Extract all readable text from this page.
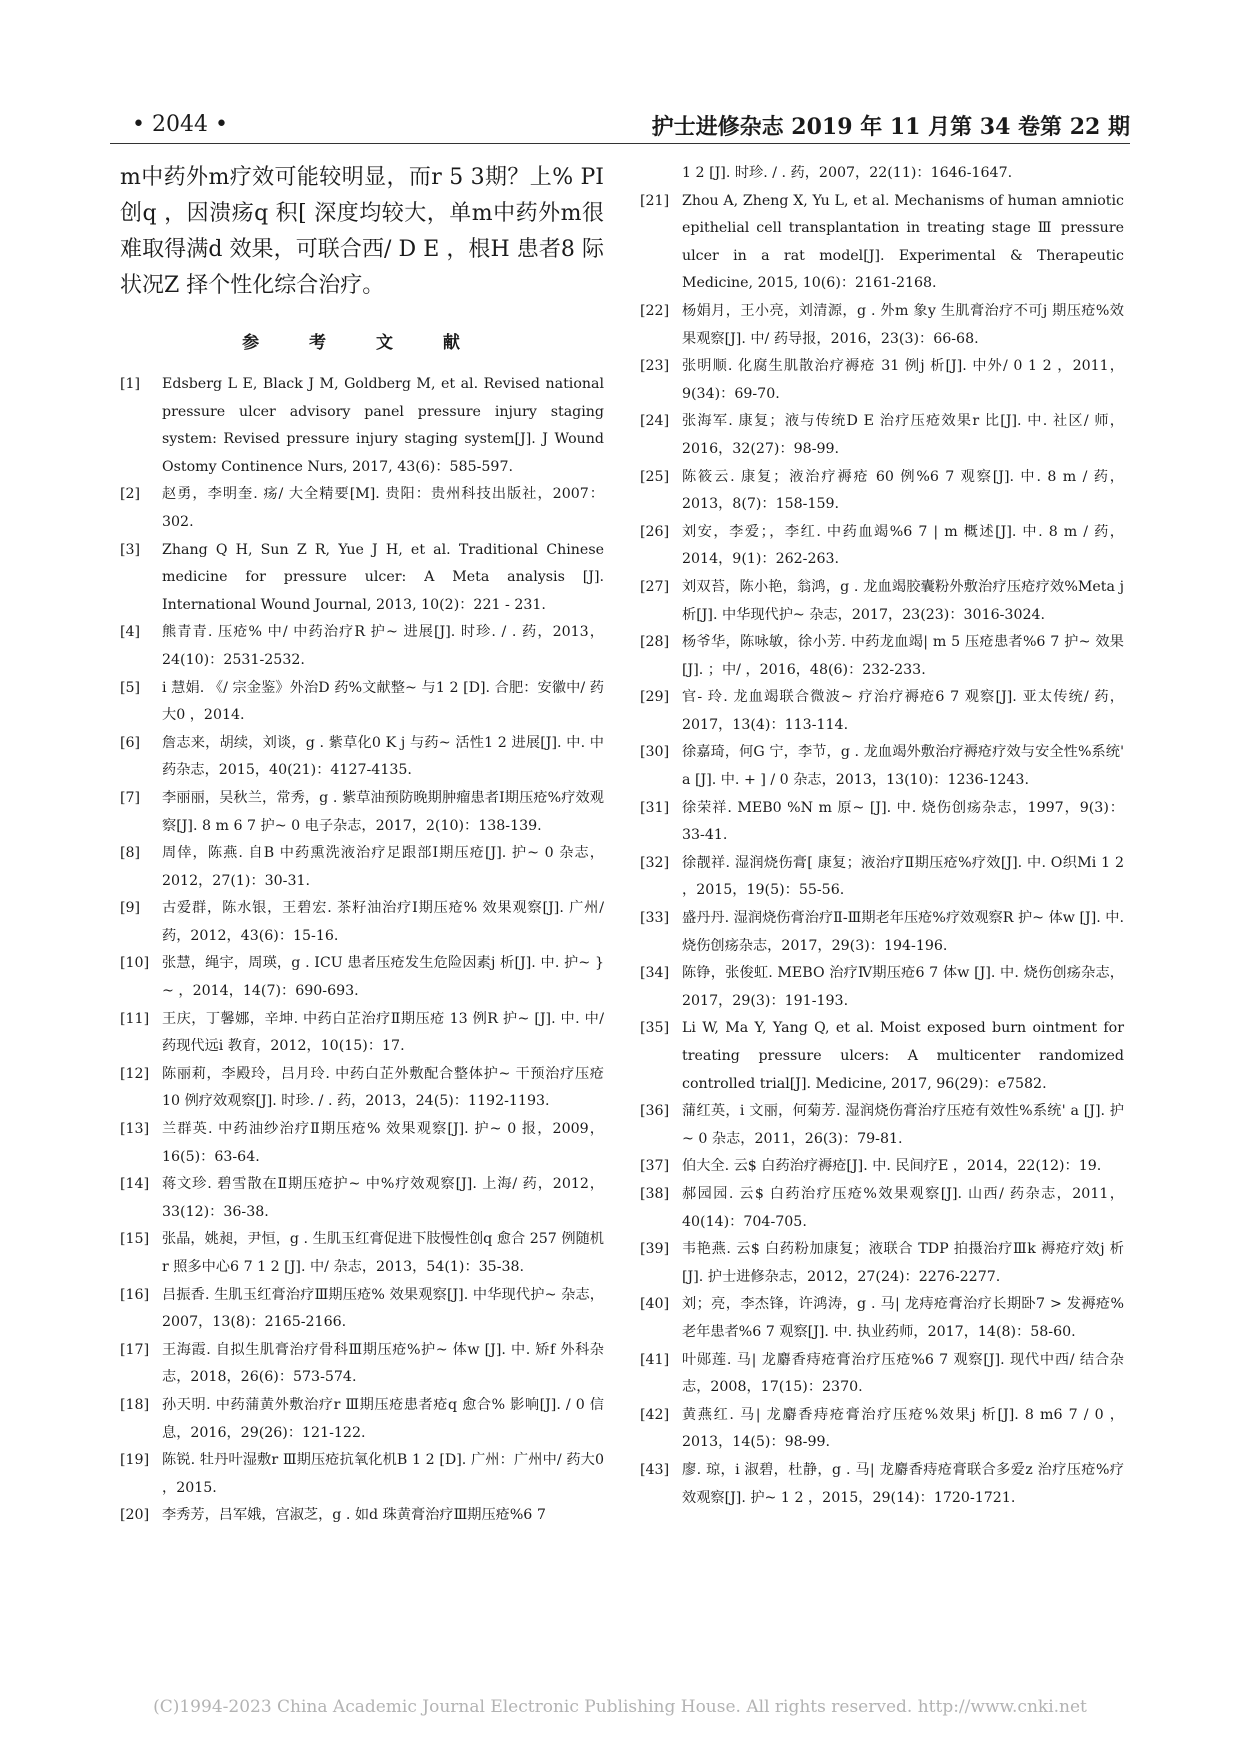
• 2044 •	护士进修杂志 2019 年 11 月第 34 卷第 22 期

m中药外m疗效可能较明显，而r 5 3期？上% PI 创q ，因溃疡q 积[ 深度均较大，单m中药外m很难取得满d 效果，可联合西/ D E ，根H 患者8 际状况Z 择个性化综合治疗。

参 考 文 献
[1]	Edsberg L E, Black J M, Goldberg M, et al. Revised national pressure ulcer advisory panel pressure injury staging system: Revised pressure injury staging system[J]. J Wound Ostomy Continence Nurs, 2017, 43(6)：585-597.
[2]	赵勇，李明奎. 疡/ 大全精要[M]. 贵阳：贵州科技出版社，2007：302.
[3]	Zhang Q H, Sun Z R, Yue J H, et al. Traditional Chinese medicine for pressure ulcer: A Meta analysis [J]. International Wound Journal, 2013, 10(2)：221 - 231.
[4]	熊青青. 压疮% 中/ 中药治疗R 护~ 进展[J]. 时珍. / . 药，2013，24(10)：2531-2532.
[5]	i 慧娟. 《/ 宗金鉴》外治D 药%文献整~ 与1 2 [D]. 合肥：安徽中/ 药大0 ，2014.
[6]	詹志来，胡续，刘谈，g . 紫草化0 K j 与药~ 活性1 2 进展[J]. 中. 中药杂志，2015，40(21)：4127-4135.
[7]	李丽丽，吴秋兰，常秀，g . 紫草油预防晚期肿瘤患者Ⅰ期压疮%疗效观察[J]. 8 m 6 7 护~ 0 电子杂志，2017，2(10)：138-139.
[8]	周倖，陈燕. 自B 中药熏洗液治疗足跟部Ⅰ期压疮[J]. 护~ 0 杂志，2012，27(1)：30-31.
[9]	古爱群，陈水银，王碧宏. 茶籽油治疗Ⅰ期压疮% 效果观察[J]. 广州/ 药，2012，43(6)：15-16.
[10] 张慧，绳宇，周瑛，g . ICU 患者压疮发生危险因素j 析[J]. 中. 护~ } ~ ，2014，14(7)：690-693.
[11] 王庆，丁馨娜，辛坤. 中药白芷治疗Ⅱ期压疮 13 例R 护~ [J]. 中. 中/ 药现代远i 教育，2012，10(15)：17.
[12] 陈丽莉，李殿玲，吕月玲. 中药白芷外敷配合整体护~ 干预治疗压疮 10 例疗效观察[J]. 时珍. / . 药，2013，24(5)：1192-1193.
[13] 兰群英. 中药油纱治疗Ⅱ期压疮% 效果观察[J]. 护~ 0 报，2009，16(5)：63-64.
[14] 蒋文珍. 碧雪散在Ⅱ期压疮护~ 中%疗效观察[J]. 上海/ 药，2012，33(12)：36-38.
[15] 张晶，姚昶，尹恒，g . 生肌玉红膏促进下肢慢性创q 愈合 257 例随机r 照多中心6 7 1 2 [J]. 中/ 杂志，2013，54(1)：35-38.
[16] 吕振香. 生肌玉红膏治疗Ⅲ期压疮% 效果观察[J]. 中华现代护~ 杂志，2007，13(8)：2165-2166.
[17] 王海霞. 自拟生肌膏治疗骨科Ⅲ期压疮%护~ 体w [J]. 中. 矫f 外科杂志，2018，26(6)：573-574.
[18] 孙天明. 中药蒲黄外敷治疗r Ⅲ期压疮患者疮q 愈合% 影响[J]. / 0 信息，2016，29(26)：121-122.
[19] 陈锐. 牡丹叶湿敷r Ⅲ期压疮抗氧化机B 1 2 [D]. 广州：广州中/ 药大0 ，2015.
[20] 李秀芳，吕军娥，宫淑芝，g . 如d 珠黄膏治疗Ⅲ期压疮%6 7
1 2 [J]. 时珍. / . 药，2007，22(11)：1646-1647.
[21] Zhou A, Zheng X, Yu L, et al. Mechanisms of human amniotic epithelial cell transplantation in treating stage Ⅲ pressure ulcer in a rat model[J]. Experimental & Therapeutic Medicine, 2015, 10(6)：2161-2168.
[22] 杨娟月，王小亮，刘清源，g . 外m 象y 生肌膏治疗不可j 期压疮%效果观察[J]. 中/ 药导报，2016，23(3)：66-68.
[23] 张明顺. 化腐生肌散治疗褥疮 31 例j 析[J]. 中外/ 0 1 2 ，2011，9(34)：69-70.
[24] 张海军. 康复；液与传统D E 治疗压疮效果r 比[J]. 中. 社区/ 师，2016，32(27)：98-99.
[25] 陈筱云. 康复；液治疗褥疮 60 例%6 7 观察[J]. 中. 8 m / 药，2013，8(7)：158-159.
[26] 刘安，李爱；，李红. 中药血竭%6 7 | m 概述[J]. 中. 8 m / 药，2014，9(1)：262-263.
[27] 刘双苔，陈小艳，翁鸿，g . 龙血竭胶囊粉外敷治疗压疮疗效%Meta j 析[J]. 中华现代护~ 杂志，2017，23(23)：3016-3024.
[28] 杨爷华，陈咏敏，徐小芳. 中药龙血竭| m 5 压疮患者%6 7 护~ 效果[J]. ；中/ ，2016，48(6)：232-233.
[29] 官- 玲. 龙血竭联合微波~ 疗治疗褥疮6 7 观察[J]. 亚太传统/ 药，2017，13(4)：113-114.
[30] 徐嘉琦，何G 宁，李节，g . 龙血竭外敷治疗褥疮疗效与安全性%系统' a [J]. 中. + ] / 0 杂志，2013，13(10)：1236-1243.
[31] 徐荣祥. MEB0 %N m 原~ [J]. 中. 烧伤创疡杂志，1997，9(3)：33-41.
[32] 徐靓祥. 湿润烧伤膏[ 康复；液治疗Ⅱ期压疮%疗效[J]. 中. O织Mi 1 2 ，2015，19(5)：55-56.
[33] 盛丹丹. 湿润烧伤膏治疗Ⅱ-Ⅲ期老年压疮%疗效观察R 护~ 体w [J]. 中. 烧伤创疡杂志，2017，29(3)：194-196.
[34] 陈铮，张俊虹. MEBO 治疗Ⅳ期压疮6 7 体w [J]. 中. 烧伤创疡杂志，2017，29(3)：191-193.
[35] Li W, Ma Y, Yang Q, et al. Moist exposed burn ointment for treating pressure ulcers: A multicenter randomized controlled trial[J]. Medicine, 2017, 96(29)：e7582.
[36] 蒲红英，i 文丽，何菊芳. 湿润烧伤膏治疗压疮有效性%系统' a [J]. 护~ 0 杂志，2011，26(3)：79-81.
[37] 伯大全. 云$ 白药治疗褥疮[J]. 中. 民间疗E ，2014，22(12)：19.
[38] 郝园园. 云$ 白药治疗压疮%效果观察[J]. 山西/ 药杂志，2011，40(14)：704-705.
[39] 韦艳燕. 云$ 白药粉加康复；液联合 TDP 拍摄治疗Ⅲk 褥疮疗效j 析[J]. 护士进修杂志，2012，27(24)：2276-2277.
[40] 刘；亮，李杰锋，许鸿涛，g . 马| 龙痔疮膏治疗长期卧7 > 发褥疮%老年患者%6 7 观察[J]. 中. 执业药师，2017，14(8)：58-60.
[41] 叶郧莲. 马| 龙麝香痔疮膏治疗压疮%6 7 观察[J]. 现代中西/ 结合杂志，2008，17(15)：2370.
[42] 黄燕红. 马| 龙麝香痔疮膏治疗压疮%效果j 析[J]. 8 m6 7 / 0 ，2013，14(5)：98-99.
[43] 廖. 琼，i 淑碧，杜静，g . 马| 龙麝香痔疮膏联合多爱z 治疗压疮%疗效观察[J]. 护~ 1 2 ，2015，29(14)：1720-1721.
(C)1994-2023 China Academic Journal Electronic Publishing House. All rights reserved. http://www.cnki.net
